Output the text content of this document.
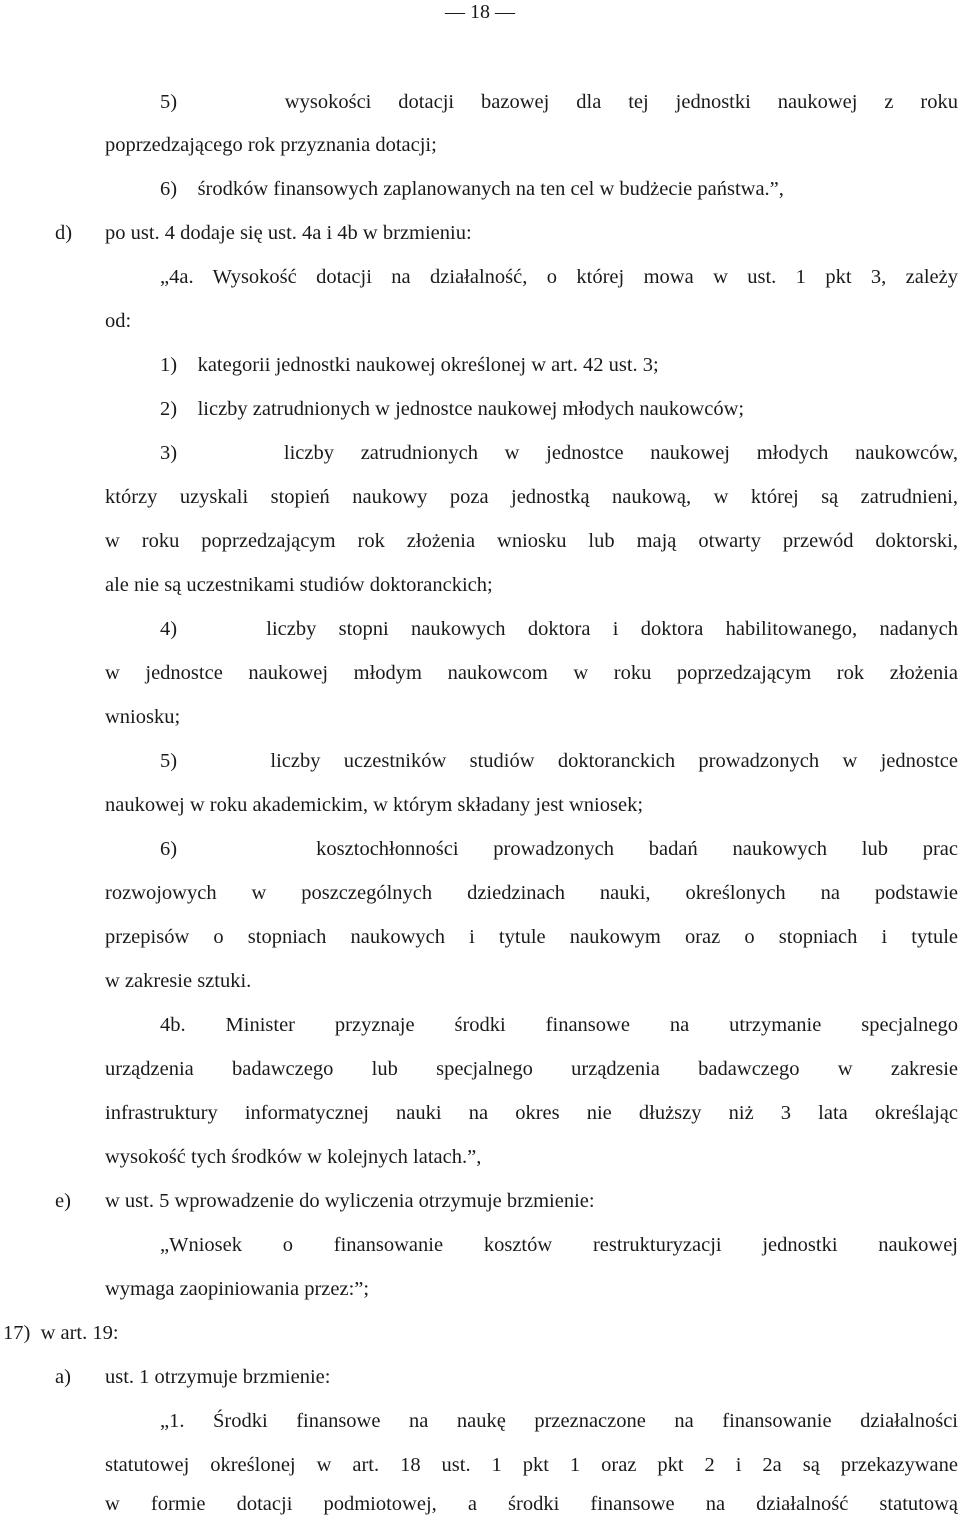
— 18 —

5)    wysokości dotacji bazowej dla tej jednostki naukowej z roku

poprzedzającego rok przyznania dotacji;

6)    środków finansowych zaplanowanych na ten cel w budżecie państwa.”,

d) po ust. 4 dodaje się ust. 4a i 4b w brzmieniu:

„4a. Wysokość dotacji na działalność, o której mowa w ust. 1 pkt 3, zależy

od:

1)    kategorii jednostki naukowej określonej w art. 42 ust. 3;

2)    liczby zatrudnionych w jednostce naukowej młodych naukowców;

3)    liczby zatrudnionych w jednostce naukowej młodych naukowców,

którzy uzyskali stopień naukowy poza jednostką naukową, w której są zatrudnieni,

w roku poprzedzającym rok złożenia wniosku lub mają otwarty przewód doktorski,

ale nie są uczestnikami studiów doktoranckich;

4)    liczby stopni naukowych doktora i doktora habilitowanego, nadanych

w jednostce naukowej młodym naukowcom w roku poprzedzającym rok złożenia

wniosku;

5)    liczby uczestników studiów doktoranckich prowadzonych w jednostce

naukowej w roku akademickim, w którym składany jest wniosek;

6)    kosztochłonności prowadzonych badań naukowych lub prac

rozwojowych w poszczególnych dziedzinach nauki, określonych na podstawie

przepisów o stopniach naukowych i tytule naukowym oraz o stopniach i tytule

w zakresie sztuki.

4b. Minister przyznaje środki finansowe na utrzymanie specjalnego

urządzenia badawczego lub specjalnego urządzenia badawczego w zakresie

infrastruktury informatycznej nauki na okres nie dłuższy niż 3 lata określając

wysokość tych środków w kolejnych latach.”,

e) w ust. 5 wprowadzenie do wyliczenia otrzymuje brzmienie:

„Wniosek o finansowanie kosztów restrukturyzacji jednostki naukowej

wymaga zaopiniowania przez:”;

17)  w art. 19:

a) ust. 1 otrzymuje brzmienie:

„1. Środki finansowe na naukę przeznaczone na finansowanie działalności

statutowej określonej w art. 18 ust. 1 pkt 1 oraz pkt 2 i 2a są przekazywane

w formie dotacji podmiotowej, a środki finansowe na działalność statutową
